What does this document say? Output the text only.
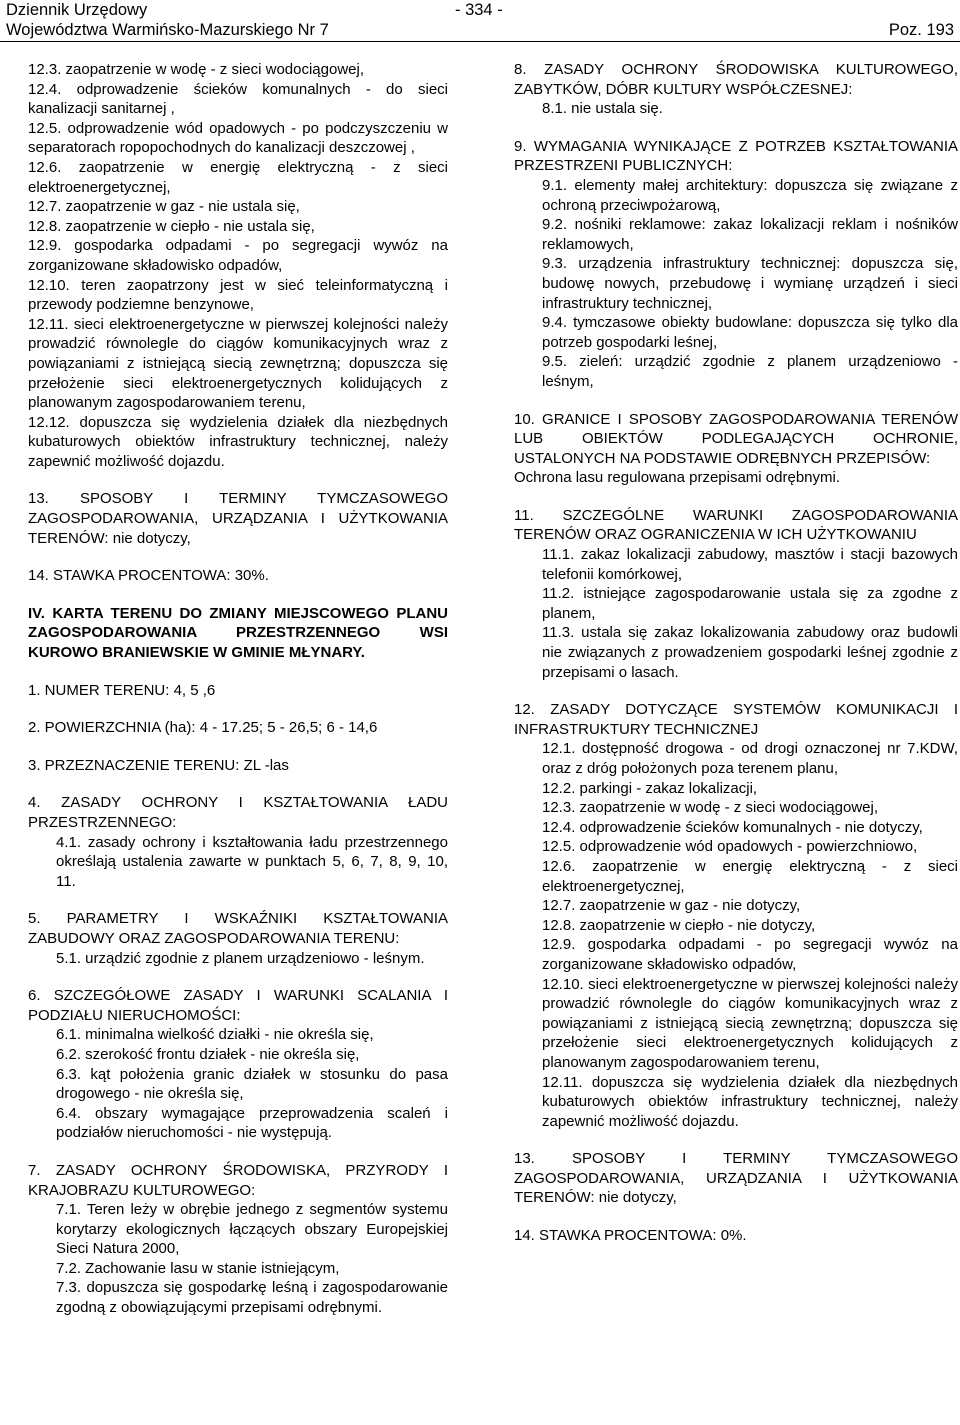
Dziennik Urzędowy
Województwa Warmińsko-Mazurskiego Nr 7
- 334 -
Poz. 193

12.3. zaopatrzenie w wodę - z sieci wodociągowej,

12.4. odprowadzenie ścieków komunalnych - do sieci kanalizacji sanitarnej ,

12.5. odprowadzenie wód opadowych - po podczyszczeniu w separatorach ropopochodnych do kanalizacji deszczowej ,

12.6. zaopatrzenie w energię elektryczną - z sieci elektroenergetycznej,

12.7. zaopatrzenie w gaz - nie ustala się,

12.8. zaopatrzenie w ciepło - nie ustala się,

12.9. gospodarka odpadami - po segregacji wywóz na zorganizowane składowisko odpadów,

12.10. teren zaopatrzony jest w sieć teleinformatyczną i przewody podziemne benzynowe,

12.11. sieci elektroenergetyczne w pierwszej kolejności należy prowadzić równolegle do ciągów komunikacyjnych wraz z powiązaniami z istniejącą siecią zewnętrzną; dopuszcza się przełożenie sieci elektroenergetycznych kolidujących z planowanym zagospodarowaniem terenu,

12.12. dopuszcza się wydzielenia działek dla niezbędnych kubaturowych obiektów infrastruktury technicznej, należy zapewnić możliwość dojazdu.

13. SPOSOBY I TERMINY TYMCZASOWEGO ZAGOSPODAROWANIA, URZĄDZANIA I UŻYTKOWANIA TERENÓW: nie dotyczy,

14. STAWKA PROCENTOWA: 30%.

IV. KARTA TERENU DO ZMIANY MIEJSCOWEGO PLANU ZAGOSPODAROWANIA PRZESTRZENNEGO WSI KUROWO BRANIEWSKIE W GMINIE MŁYNARY.

1. NUMER TERENU: 4, 5 ,6

2. POWIERZCHNIA (ha): 4 - 17.25; 5 - 26,5; 6 - 14,6

3. PRZEZNACZENIE TERENU: ZL -las

4. ZASADY OCHRONY I KSZTAŁTOWANIA ŁADU PRZESTRZENNEGO:

4.1. zasady ochrony i kształtowania ładu przestrzennego określają ustalenia zawarte w punktach 5, 6, 7, 8, 9, 10, 11.

5. PARAMETRY I WSKAŹNIKI KSZTAŁTOWANIA ZABUDOWY ORAZ ZAGOSPODAROWANIA TERENU:

5.1. urządzić zgodnie z planem urządzeniowo - leśnym.

6. SZCZEGÓŁOWE ZASADY I WARUNKI SCALANIA I PODZIAŁU NIERUCHOMOŚCI:

6.1. minimalna wielkość działki - nie określa się,

6.2. szerokość frontu działek - nie określa się,

6.3. kąt położenia granic działek w stosunku do pasa drogowego - nie określa się,

6.4. obszary wymagające przeprowadzenia scaleń i podziałów nieruchomości - nie występują.

7. ZASADY OCHRONY ŚRODOWISKA, PRZYRODY I KRAJOBRAZU KULTUROWEGO:

7.1. Teren leży w obrębie jednego z segmentów systemu korytarzy ekologicznych łączących obszary Europejskiej Sieci Natura 2000,

7.2. Zachowanie lasu w stanie istniejącym,

7.3. dopuszcza się gospodarkę leśną i zagospodarowanie zgodną z obowiązującymi przepisami odrębnymi.

8. ZASADY OCHRONY ŚRODOWISKA KULTUROWEGO, ZABYTKÓW, DÓBR KULTURY WSPÓŁCZESNEJ:

8.1. nie ustala się.

9. WYMAGANIA WYNIKAJĄCE Z POTRZEB KSZTAŁTOWANIA PRZESTRZENI PUBLICZNYCH:

9.1. elementy małej architektury: dopuszcza się związane z ochroną przeciwpożarową,

9.2. nośniki reklamowe: zakaz lokalizacji reklam i nośników reklamowych,

9.3. urządzenia infrastruktury technicznej: dopuszcza się, budowę nowych, przebudowę i wymianę urządzeń i sieci infrastruktury technicznej,

9.4. tymczasowe obiekty budowlane: dopuszcza się tylko dla potrzeb gospodarki leśnej,

9.5. zieleń: urządzić zgodnie z planem urządzeniowo - leśnym,

10. GRANICE I SPOSOBY ZAGOSPODAROWANIA TERENÓW LUB OBIEKTÓW PODLEGAJĄCYCH OCHRONIE, USTALONYCH NA PODSTAWIE ODRĘBNYCH PRZEPISÓW:

Ochrona lasu regulowana przepisami odrębnymi.

11. SZCZEGÓLNE WARUNKI ZAGOSPODAROWANIA TERENÓW ORAZ OGRANICZENIA W ICH UŻYTKOWANIU

11.1. zakaz lokalizacji zabudowy, masztów i stacji bazowych telefonii komórkowej,

11.2. istniejące zagospodarowanie ustala się za zgodne z planem,

11.3. ustala się zakaz lokalizowania zabudowy oraz budowli nie związanych z prowadzeniem gospodarki leśnej zgodnie z przepisami o lasach.

12. ZASADY DOTYCZĄCE SYSTEMÓW KOMUNIKACJI I INFRASTRUKTURY TECHNICZNEJ

12.1. dostępność drogowa - od drogi oznaczonej nr 7.KDW, oraz z dróg położonych poza terenem planu,

12.2. parkingi - zakaz lokalizacji,

12.3. zaopatrzenie w wodę - z sieci wodociągowej,

12.4. odprowadzenie ścieków komunalnych - nie dotyczy,

12.5. odprowadzenie wód opadowych - powierzchniowo,

12.6. zaopatrzenie w energię elektryczną - z sieci elektroenergetycznej,

12.7. zaopatrzenie w gaz - nie dotyczy,

12.8. zaopatrzenie w ciepło - nie dotyczy,

12.9. gospodarka odpadami - po segregacji wywóz na zorganizowane składowisko odpadów,

12.10. sieci elektroenergetyczne w pierwszej kolejności należy prowadzić równolegle do ciągów komunikacyjnych wraz z powiązaniami z istniejącą siecią zewnętrzną; dopuszcza się przełożenie sieci elektroenergetycznych kolidujących z planowanym zagospodarowaniem terenu,

12.11. dopuszcza się wydzielenia działek dla niezbędnych kubaturowych obiektów infrastruktury technicznej, należy zapewnić możliwość dojazdu.

13. SPOSOBY I TERMINY TYMCZASOWEGO ZAGOSPODAROWANIA, URZĄDZANIA I UŻYTKOWANIA TERENÓW: nie dotyczy,

14. STAWKA PROCENTOWA: 0%.
